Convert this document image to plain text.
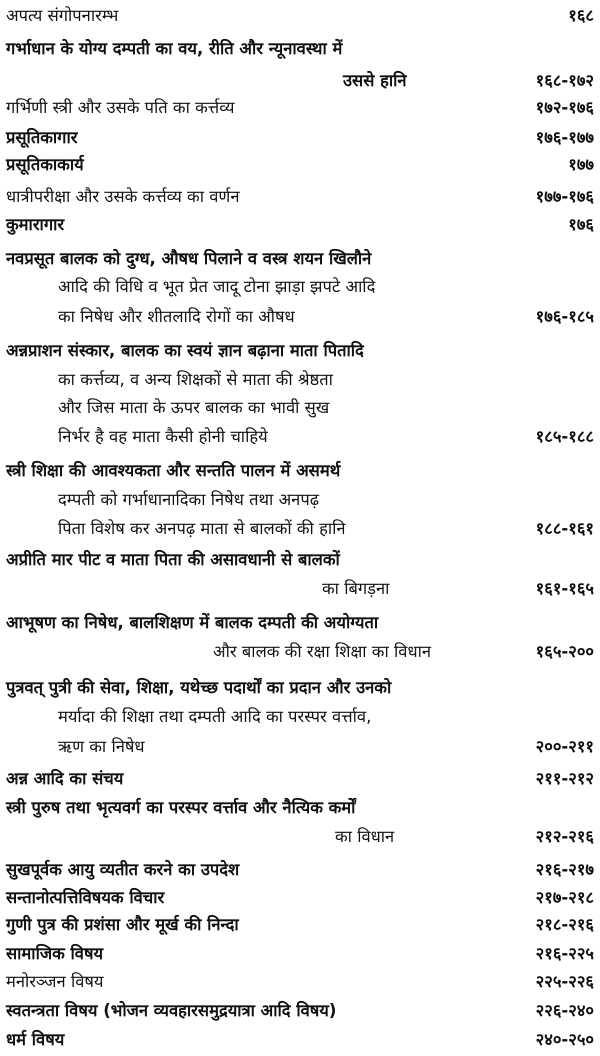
अपत्य संगोपनारम्भ	१६८
गर्भाधान के योग्य दम्पती का वय, रीति और न्यूनावस्था में
उससे हानि	१६८-१७२
गर्भिणी स्त्री और उसके पति का कर्त्तव्य	१७२-१७६
प्रसूतिकागार	१७६-१७७
प्रसूतिकाकार्य	१७७
धात्रीपरीक्षा और उसके कर्त्तव्य का वर्णन	१७७-१७६
कुमारागार	१७६
नवप्रसूत बालक को दुग्ध, औषध पिलाने व वस्त्र शयन खिलौने
आदि की विधि व भूत प्रेत जादू टोना झाड़ा झपटे आदि
का निषेध और शीतलादि रोगों का औषध	१७६-१८५
अन्नप्राशन संस्कार, बालक का स्वयं ज्ञान बढ़ाना माता पितादि
का कर्त्तव्य, व अन्य शिक्षकों से माता की श्रेष्ठता
और जिस माता के ऊपर बालक का भावी सुख
निर्भर है वह माता कैसी होनी चाहिये	१८५-१८८
स्त्री शिक्षा की आवश्यकता और सन्तति पालन में असमर्थ
दम्पती को गर्भाधानादिका निषेध तथा अनपढ़
पिता विशेष कर अनपढ़ माता से बालकों की हानि	१८८-१६१
अप्रीति मार पीट व माता पिता की असावधानी से बालकों
का बिगड़ना	१६१-१६५
आभूषण का निषेध, बालशिक्षण में बालक दम्पती की अयोग्यता
और बालक की रक्षा शिक्षा का विधान	१६५-२००
पुत्रवत् पुत्री की सेवा, शिक्षा, यथेच्छ पदार्थों का प्रदान और उनको
मर्यादा की शिक्षा तथा दम्पती आदि का परस्पर वर्त्ताव,
ऋण का निषेध	२००-२११
अन्न आदि का संचय	२११-२१२
स्त्री पुरुष तथा भृत्यवर्ग का परस्पर वर्त्ताव और नैत्यिक कर्मों
का विधान	२१२-२१६
सुखपूर्वक आयु व्यतीत करने का उपदेश	२१६-२१७
सन्तानोत्पत्तिविषयक विचार	२१७-२१८
गुणी पुत्र की प्रशंसा और मूर्ख की निन्दा	२१८-२१६
सामाजिक विषय	२१६-२२५
मनोरञ्जन विषय	२२५-२२६
स्वतन्त्रता विषय (भोजन व्यवहारसमुद्रयात्रा आदि विषय)	२२६-२४०
धर्म विषय	२४०-२५०
